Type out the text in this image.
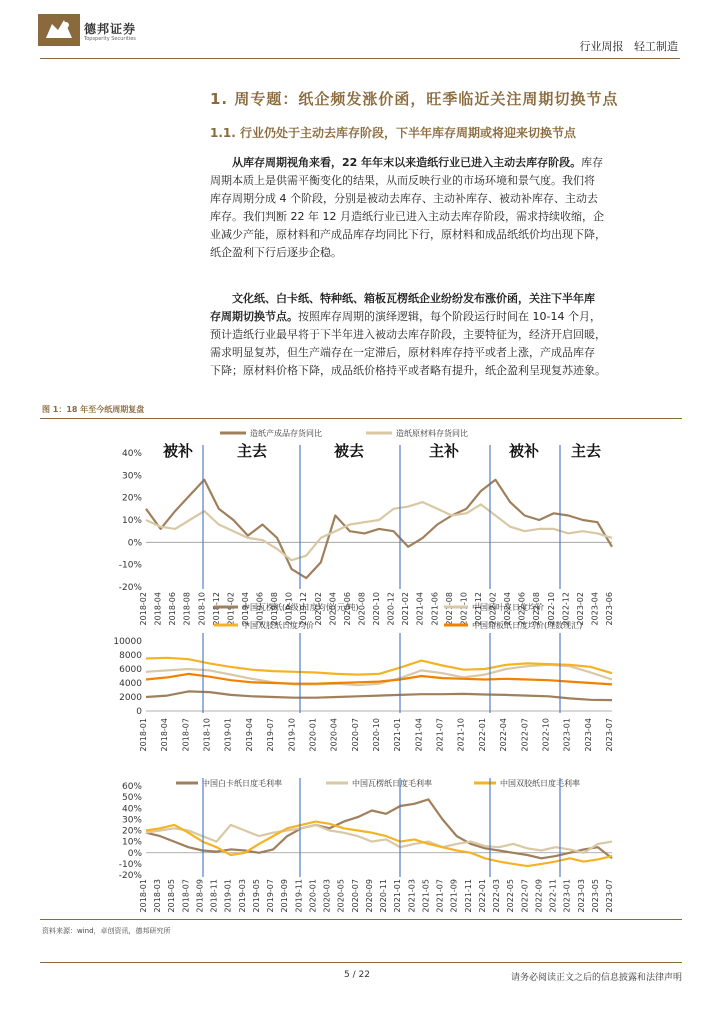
德邦证券
Topsperity Securities
行业周报 轻工制造
1. 周专题：纸企频发涨价函，旺季临近关注周期切换节点
1.1. 行业仍处于主动去库存阶段，下半年库存周期或将迎来切换节点
从库存周期视角来看，22 年年末以来造纸行业已进入主动去库存阶段。库存
周期本质上是供需平衡变化的结果，从而反映行业的市场环境和景气度。我们将
库存周期分成 4 个阶段，分别是被动去库存、主动补库存、被动补库存、主动去
库存。我们判断 22 年 12 月造纸行业已进入主动去库存阶段，需求持续收缩，企
业减少产能，原材料和产成品库存均同比下行，原材料和成品纸纸价均出现下降，
纸企盈利下行后逐步企稳。
文化纸、白卡纸、特种纸、箱板瓦楞纸企业纷纷发布涨价函，关注下半年库
存周期切换节点。按照库存周期的演绎逻辑，每个阶段运行时间在 10-14 个月，
预计造纸行业最早将于下半年进入被动去库存阶段，主要特征为，经济开启回暖，
需求明显复苏，但生产端存在一定滞后，原材料库存持平或者上涨，产成品库存
下降；原材料价格下降，成品纸价格持平或者略有提升，纸企盈利呈现复苏迹象。
图 1：18 年至今纸周期复盘
造纸产成品存货同比	造纸原材料存货同比
被补	主去	被去	主补	被补 主去
40%
30%
20%
10%
0%
-10%
-20%
2018-02 2018-04 2018-06 2018-08 2018-10 2018-12 2019-02 2019-04 2019-06 2019-08 2019-10 2019-12 2020-02 2020-04 2020-06 2020-08 2020-10 2020-12 2021-02 2021-04 2021-06 2021-08 2021-10 2021-12 2022-02 2022-04 2022-06 2022-08 2022-10 2022-12 2023-02 2023-04 2023-06
中国瓦楞纸(A级)日度均价(元/吨)	中国阔叶浆日度均价
中国双胶纸日度均价	中国箱板纸日度均价(理数现汇)
10000
8000
6000
4000
2000
0
2018-01 2018-04 2018-07 2018-10 2019-01 2019-04 2019-07 2019-10 2020-01 2020-04 2020-07 2020-10 2021-01 2021-04 2021-07 2021-10 2022-01 2022-04 2022-07 2022-10 2023-01 2023-04 2023-07
中国白卡纸日度毛利率	中国瓦楞纸日度毛利率	中国双胶纸日度毛利率
60%
50%
40%
30%
20%
10%
0%
-10%
-20%
2018-01 2018-03 2018-05 2018-07 2018-09 2018-11 2019-01 2019-03 2019-05 2019-07 2019-09 2019-11 2020-01 2020-03 2020-05 2020-07 2020-09 2020-11 2021-01 2021-03 2021-05 2021-07 2021-09 2021-11 2022-01 2022-03 2022-05 2022-07 2022-09 2022-11 2023-01 2023-03 2023-05 2023-07
资料来源：wind，卓创资讯，德邦研究所
5 / 22	请务必阅读正文之后的信息披露和法律声明
